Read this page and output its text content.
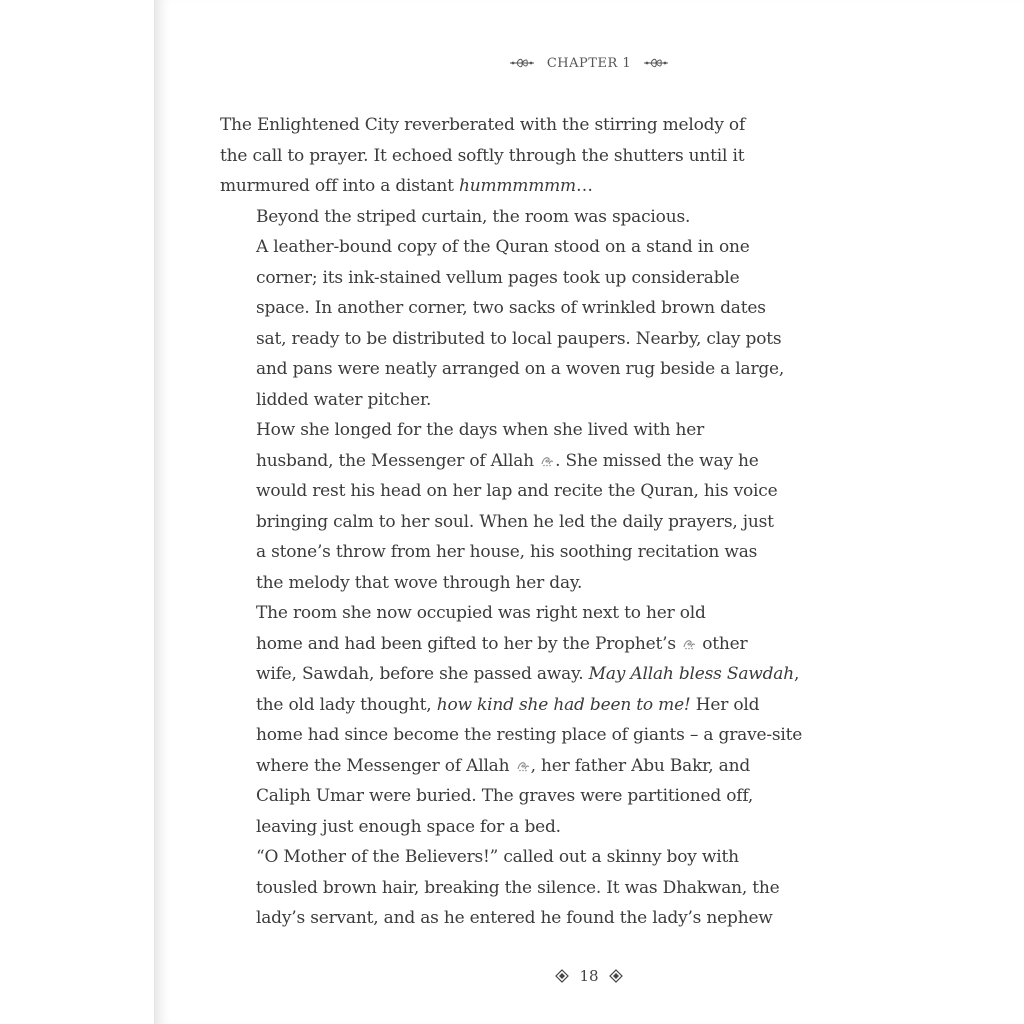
CHAPTER 1

The Enlightened City reverberated with the stirring melody of
the call to prayer. It echoed softly through the shutters until it
murmured off into a distant hummmmmm…

Beyond the striped curtain, the room was spacious.
A leather-bound copy of the Quran stood on a stand in one
corner; its ink-stained vellum pages took up considerable
space. In another corner, two sacks of wrinkled brown dates
sat, ready to be distributed to local paupers. Nearby, clay pots
and pans were neatly arranged on a woven rug beside a large,
lidded water pitcher.

How she longed for the days when she lived with her
husband, the Messenger of Allah
. She missed the way he
would rest his head on her lap and recite the Quran, his voice
bringing calm to her soul. When he led the daily prayers, just
a stone’s throw from her house, his soothing recitation was
the melody that wove through her day.

The room she now occupied was right next to her old
home and had been gifted to her by the Prophet’s
other
wife, Sawdah, before she passed away. May Allah bless Sawdah,
the old lady thought, how kind she had been to me! Her old
home had since become the resting place of giants – a grave-site
where the Messenger of Allah
, her father Abu Bakr, and
Caliph Umar were buried. The graves were partitioned off,
leaving just enough space for a bed.

“O Mother of the Believers!” called out a skinny boy with
tousled brown hair, breaking the silence. It was Dhakwan, the
lady’s servant, and as he entered he found the lady’s nephew

18
